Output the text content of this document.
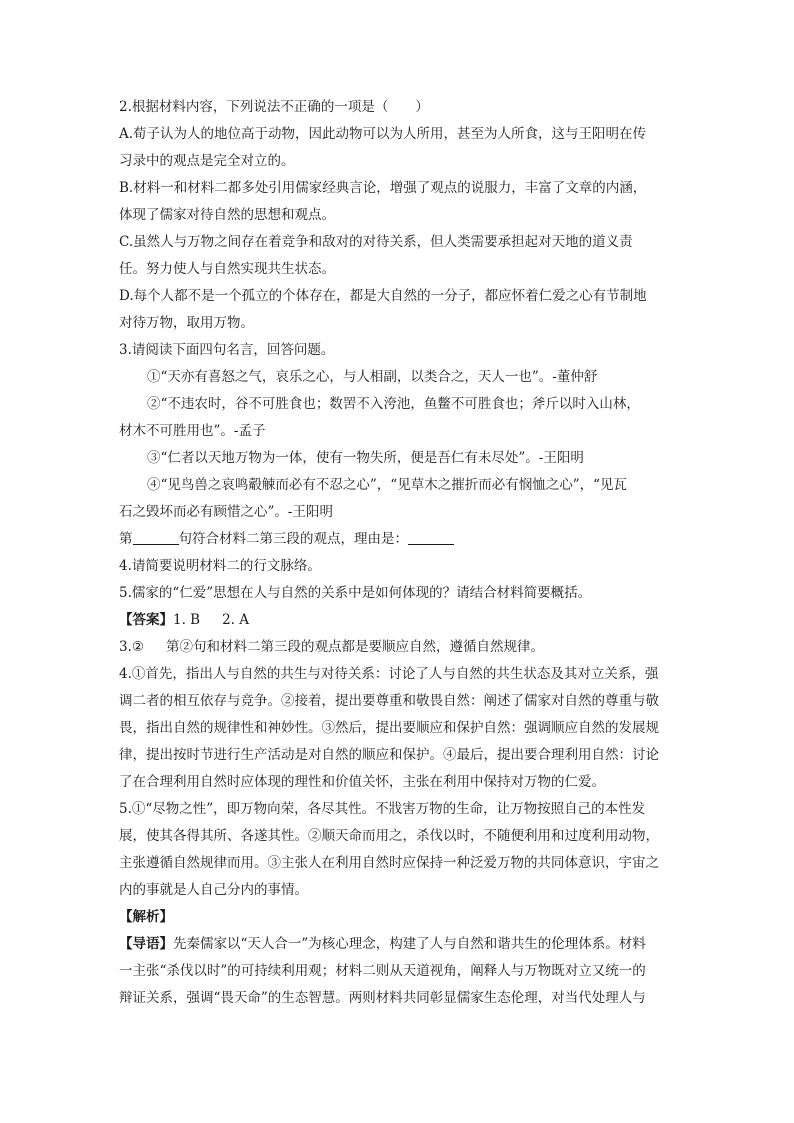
2.根据材料内容，下列说法不正确的一项是（　　）
A.荀子认为人的地位高于动物，因此动物可以为人所用，甚至为人所食，这与王阳明在传
习录中的观点是完全对立的。
B.材料一和材料二都多处引用儒家经典言论，增强了观点的说服力，丰富了文章的内涵，
体现了儒家对待自然的思想和观点。
C.虽然人与万物之间存在着竞争和敌对的对待关系，但人类需要承担起对天地的道义责
任。努力使人与自然实现共生状态。
D.每个人都不是一个孤立的个体存在，都是大自然的一分子，都应怀着仁爱之心有节制地
对待万物，取用万物。
3.请阅读下面四句名言，回答问题。
①“天亦有喜怒之气，哀乐之心，与人相副，以类合之，天人一也”。-董仲舒
②“不违农时，谷不可胜食也；数罟不入洿池，鱼鳖不可胜食也；斧斤以时入山林，
材木不可胜用也”。-孟子
③“仁者以天地万物为一体，使有一物失所，便是吾仁有未尽处”。-王阳明
④“见鸟兽之哀鸣觳觫而必有不忍之心”，“见草木之摧折而必有悯恤之心”，“见瓦
石之毁坏而必有顾惜之心”。-王阳明
第	句符合材料二第三段的观点，理由是：
4.请简要说明材料二的行文脉络。
5.儒家的“仁爱”思想在人与自然的关系中是如何体现的？请结合材料简要概括。
【答案】1. B 2. A
3.② 第②句和材料二第三段的观点都是要顺应自然，遵循自然规律。
4.①首先，指出人与自然的共生与对待关系：讨论了人与自然的共生状态及其对立关系，强
调二者的相互依存与竞争。②接着，提出要尊重和敬畏自然：阐述了儒家对自然的尊重与敬
畏，指出自然的规律性和神妙性。③然后，提出要顺应和保护自然：强调顺应自然的发展规
律，提出按时节进行生产活动是对自然的顺应和保护。④最后，提出要合理利用自然：讨论
了在合理利用自然时应体现的理性和价值关怀，主张在利用中保持对万物的仁爱。
5.①“尽物之性”，即万物向荣，各尽其性。不戕害万物的生命，让万物按照自己的本性发
展，使其各得其所、各遂其性。②顺天命而用之，杀伐以时，不随便利用和过度利用动物，
主张遵循自然规律而用。③主张人在利用自然时应保持一种泛爱万物的共同体意识，宇宙之
内的事就是人自己分内的事情。
【解析】
【导语】先秦儒家以“天人合一”为核心理念，构建了人与自然和谐共生的伦理体系。材料
一主张“杀伐以时”的可持续利用观；材料二则从天道视角，阐释人与万物既对立又统一的
辩证关系，强调“畏天命”的生态智慧。两则材料共同彰显儒家生态伦理，对当代处理人与
